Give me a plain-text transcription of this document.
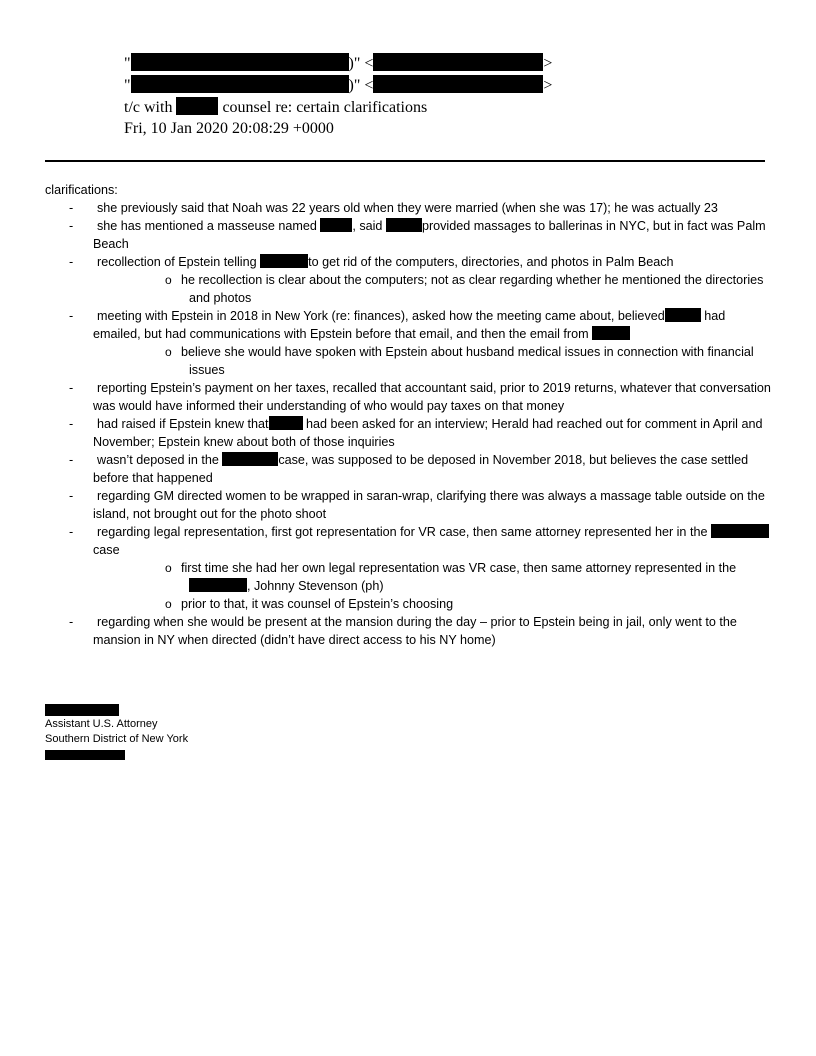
"	)" <	>
"	)" <	>
t/c with	counsel re: certain clarifications
Fri, 10 Jan 2020 20:08:29 +0000

clarifications:

- she previously said that Noah was 22 years old when they were married (when she was 17); he was actually 23
- she has mentioned a masseuse named	, said	provided massages to ballerinas in NYC, but in fact was Palm Beach
- recollection of Epstein telling	to get rid of the computers, directories, and photos in Palm Beach
o he recollection is clear about the computers; not as clear regarding whether he mentioned the directories and photos
- meeting with Epstein in 2018 in New York (re: finances), asked how the meeting came about, believed	had emailed, but had communications with Epstein before that email, and then the email from
o believe she would have spoken with Epstein about husband medical issues in connection with financial issues
- reporting Epstein’s payment on her taxes, recalled that accountant said, prior to 2019 returns, whatever that conversation was would have informed their understanding of who would pay taxes on that money
- had raised if Epstein knew that	had been asked for an interview; Herald had reached out for comment in April and November; Epstein knew about both of those inquiries
- wasn’t deposed in the	case, was supposed to be deposed in November 2018, but believes the case settled before that happened
- regarding GM directed women to be wrapped in saran-wrap, clarifying there was always a massage table outside on the island, not brought out for the photo shoot
- regarding legal representation, first got representation for VR case, then same attorney represented her in the case
o first time she had her own legal representation was VR case, then same attorney represented in the , Johnny Stevenson (ph)
o prior to that, it was counsel of Epstein’s choosing
- regarding when she would be present at the mansion during the day – prior to Epstein being in jail, only went to the mansion in NY when directed (didn’t have direct access to his NY home)
Assistant U.S. Attorney
Southern District of New York
